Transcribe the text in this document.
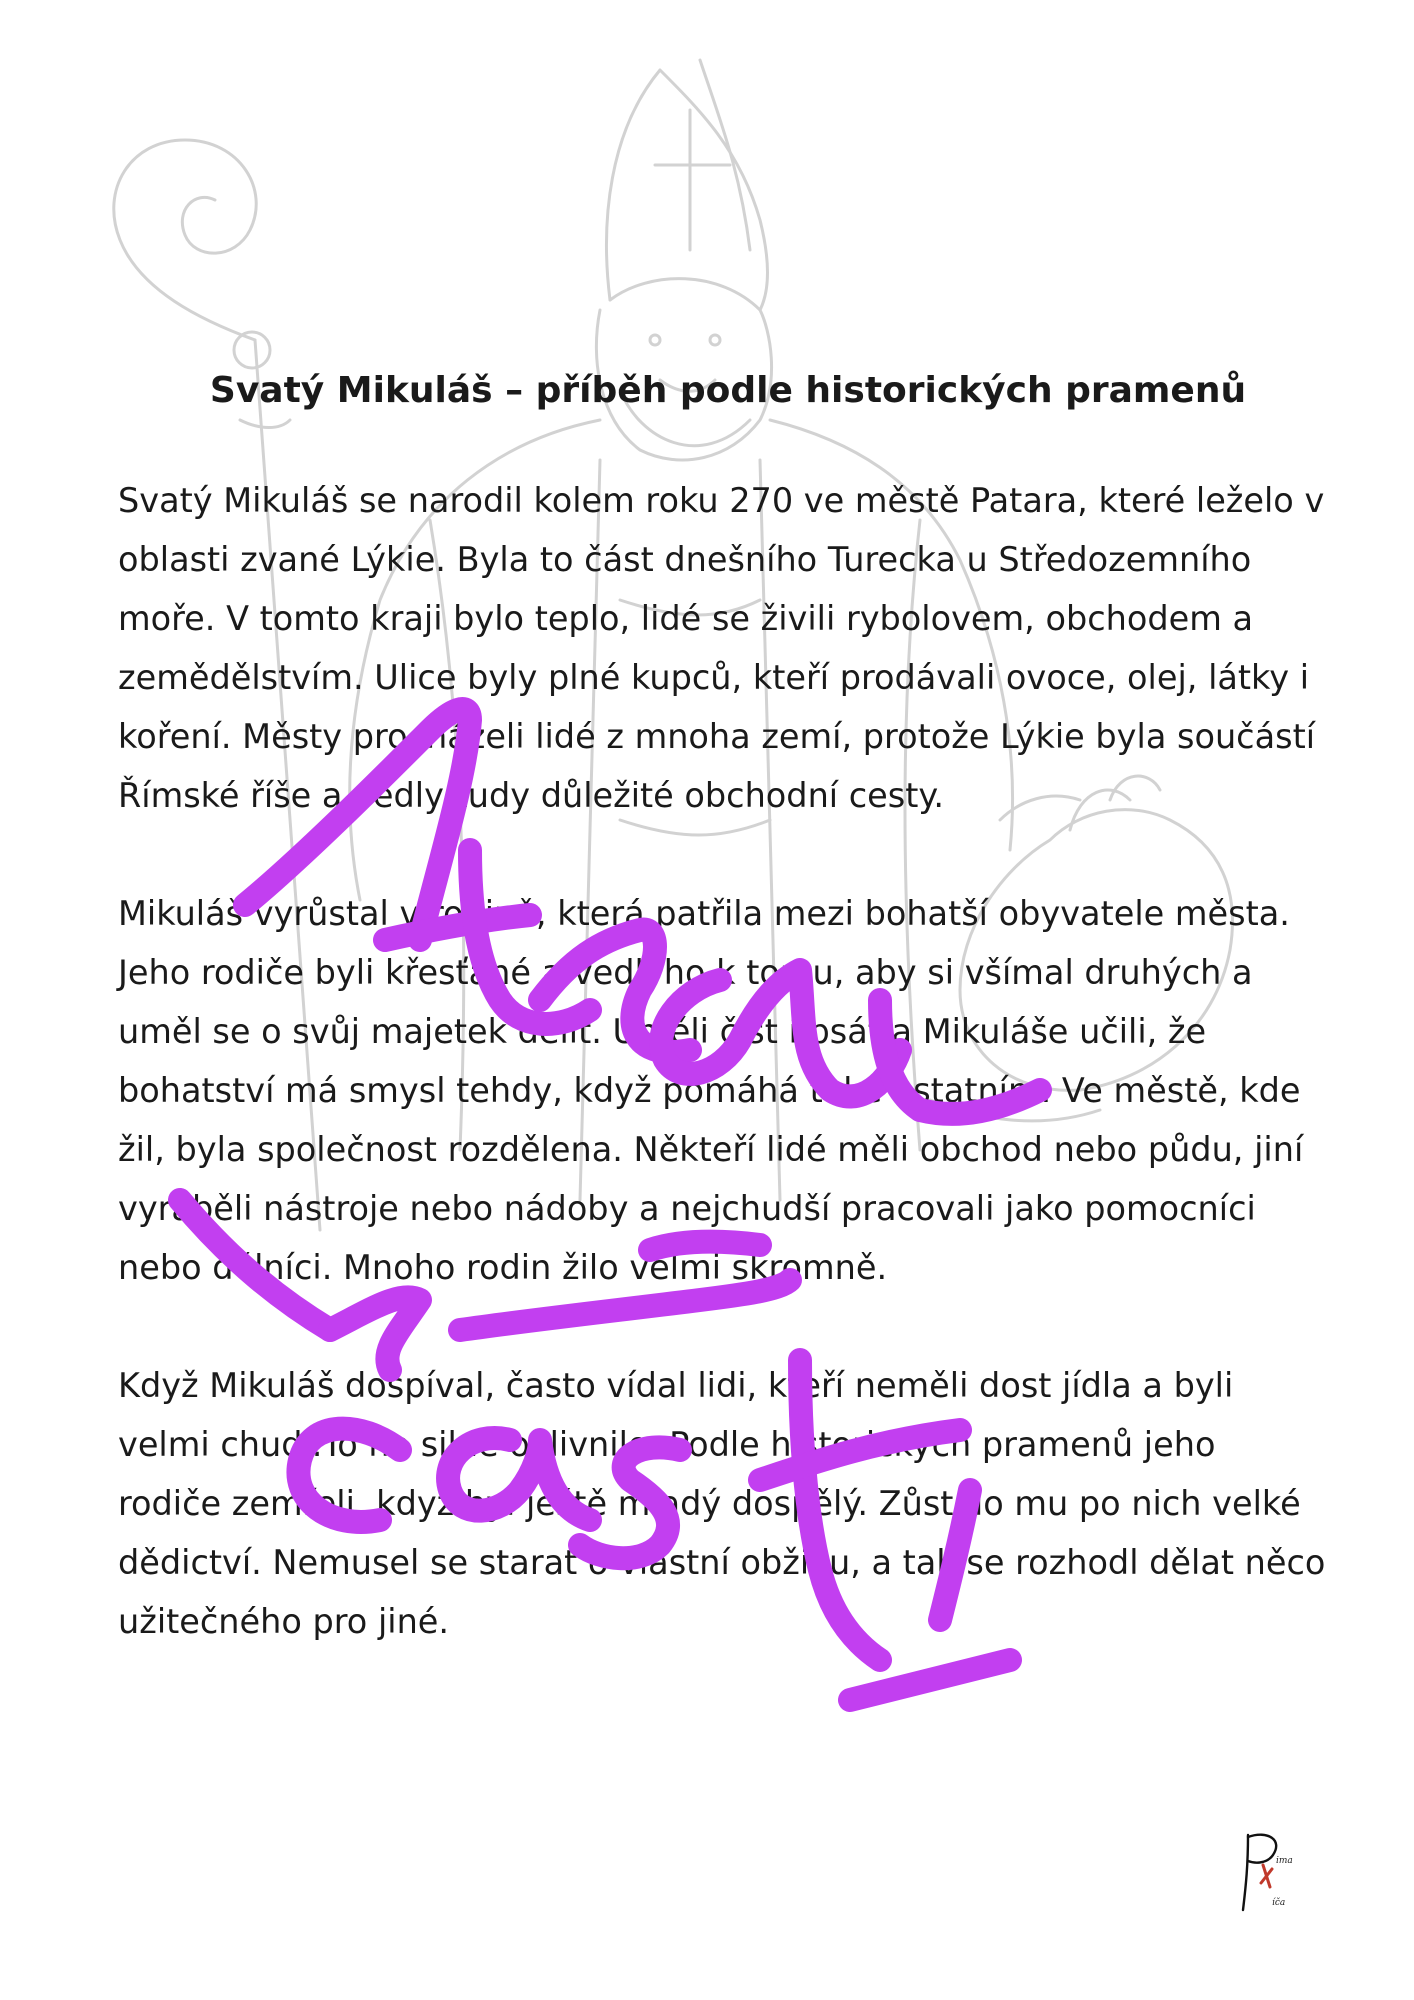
Svatý Mikuláš – příběh podle historických pramenů

Svatý Mikuláš se narodil kolem roku 270 ve městě Patara, které leželo v oblasti zvané Lýkie. Byla to část dnešního Turecka u Středozemního moře. V tomto kraji bylo teplo, lidé se živili rybolovem, obchodem a zemědělstvím. Ulice byly plné kupců, kteří prodávali ovoce, olej, látky i koření. Městy procházeli lidé z mnoha zemí, protože Lýkie byla součástí Římské říše a vedly tudy důležité obchodní cesty.

Mikuláš vyrůstal v rodině, která patřila mezi bohatší obyvatele města. Jeho rodiče byli křesťané a vedli ho k tomu, aby si všímal druhých a uměl se o svůj majetek dělit. Uměli číst i psát a Mikuláše učili, že bohatství má smysl tehdy, když pomáhá také ostatním. Ve městě, kde žil, byla společnost rozdělena. Někteří lidé měli obchod nebo půdu, jiní vyráběli nástroje nebo nádoby a nejchudší pracovali jako pomocníci nebo dělníci. Mnoho rodin žilo velmi skromně.

Když Mikuláš dospíval, často vídal lidi, kteří neměli dost jídla a byli velmi chudí.To ho silně ovlivnilo. Podle historických pramenů jeho rodiče zemřeli, když byl ještě mladý dospělý. Zůstalo mu po nich velké dědictví. Nemusel se starat o vlastní obživu, a tak se rozhodl dělat něco užitečného pro jiné.

ima
íča
